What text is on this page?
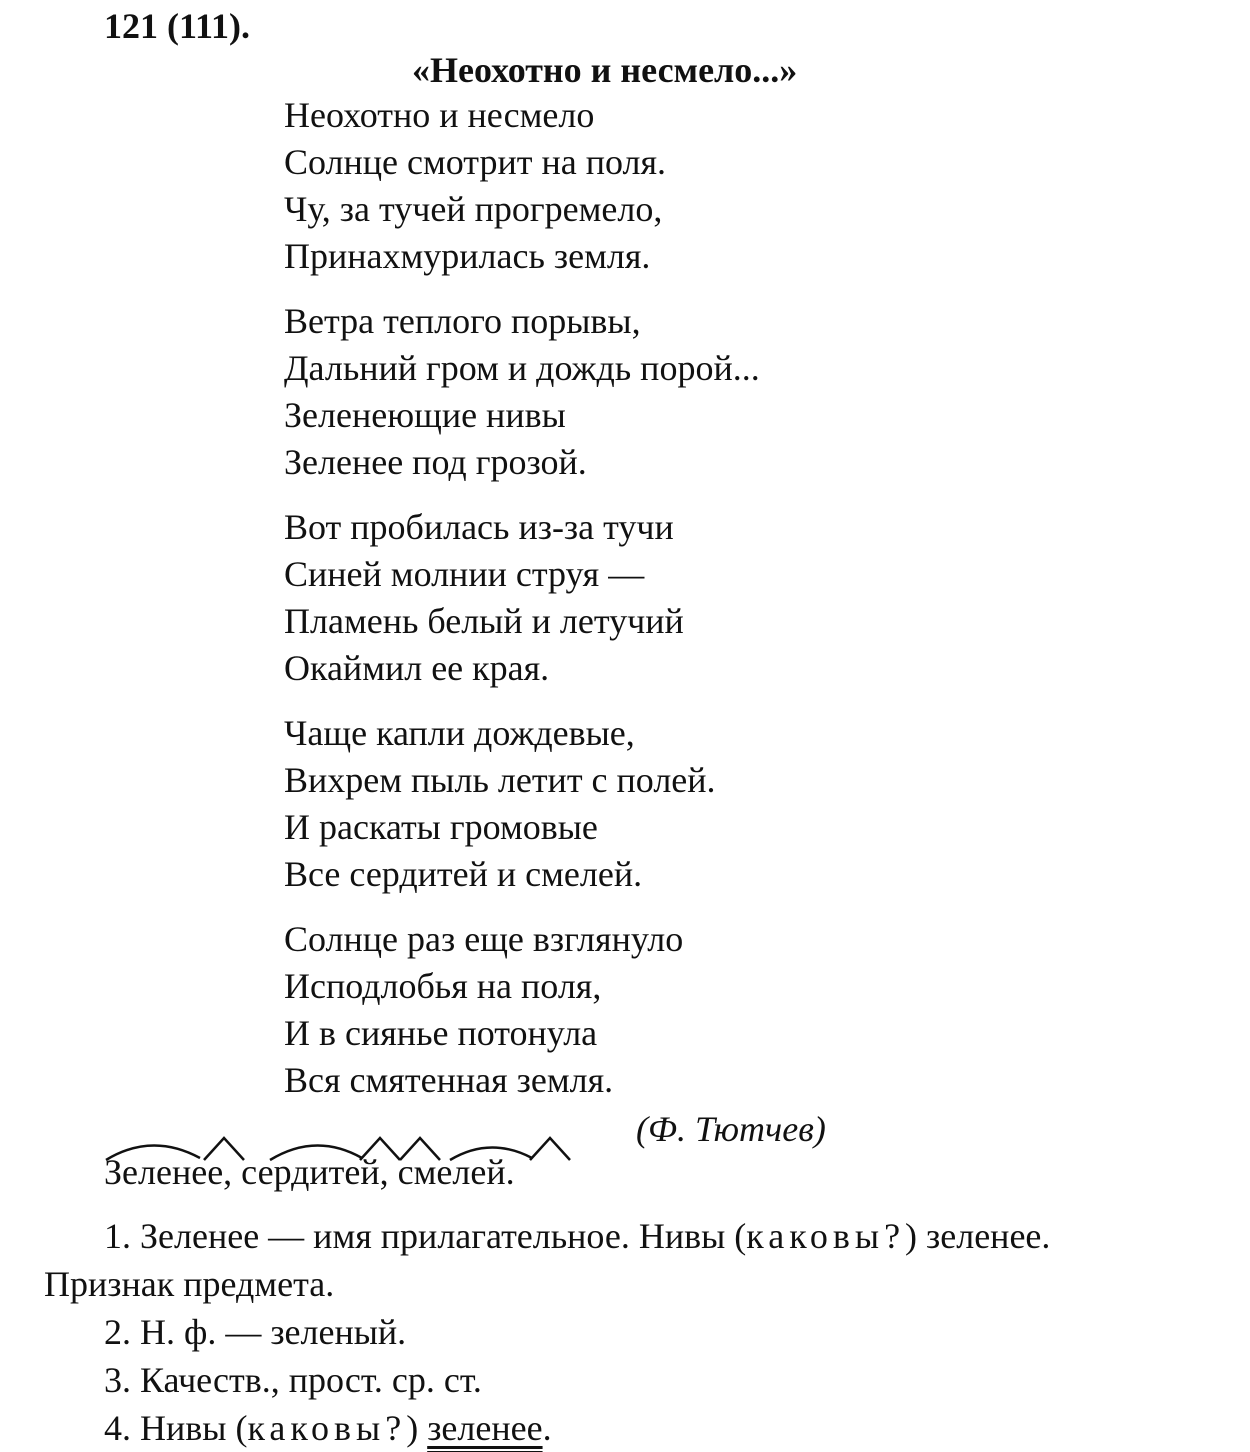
121 (111).
«Неохотно и несмело...»
Неохотно и несмело
Солнце смотрит на поля.
Чу, за тучей прогремело,
Принахмурилась земля.
Ветра теплого порывы,
Дальний гром и дождь порой...
Зеленеющие нивы
Зеленее под грозой.
Вот пробилась из-за тучи
Синей молнии струя —
Пламень белый и летучий
Окаймил ее края.
Чаще капли дождевые,
Вихрем пыль летит с полей.
И раскаты громовые
Все сердитей и смелей.
Солнце раз еще взглянуло
Исподлобья на поля,
И в сиянье потонула
Вся смятенная земля.
(Ф. Тютчев)
Зеленее, сердитей, смелей.
1. Зеленее — имя прилагательное. Нивы (каковы?) зеленее.
Признак предмета.
2. Н. ф. — зеленый.
3. Качеств., прост. ср. ст.
4. Нивы (каковы?) зеленее.
